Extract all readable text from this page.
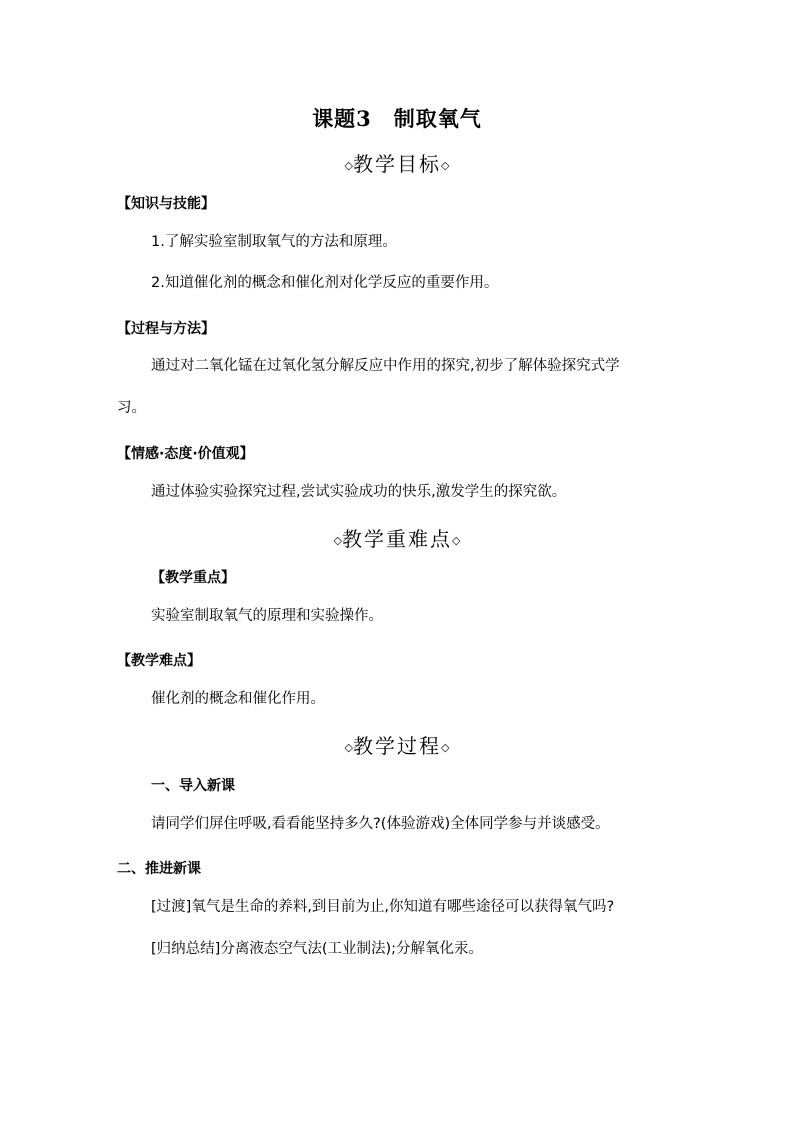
课题3　制取氧气
◇教学目标◇
【知识与技能】
1.了解实验室制取氧气的方法和原理。
2.知道催化剂的概念和催化剂对化学反应的重要作用。
【过程与方法】
通过对二氧化锰在过氧化氢分解反应中作用的探究,初步了解体验探究式学
习。
【情感·态度·价值观】
通过体验实验探究过程,尝试实验成功的快乐,激发学生的探究欲。
◇教学重难点◇
【教学重点】
实验室制取氧气的原理和实验操作。
【教学难点】
催化剂的概念和催化作用。
◇教学过程◇
一、导入新课
请同学们屏住呼吸,看看能坚持多久?(体验游戏)全体同学参与并谈感受。
二、推进新课
[过渡]氧气是生命的养料,到目前为止,你知道有哪些途径可以获得氧气吗?
[归纳总结]分离液态空气法(工业制法);分解氧化汞。
